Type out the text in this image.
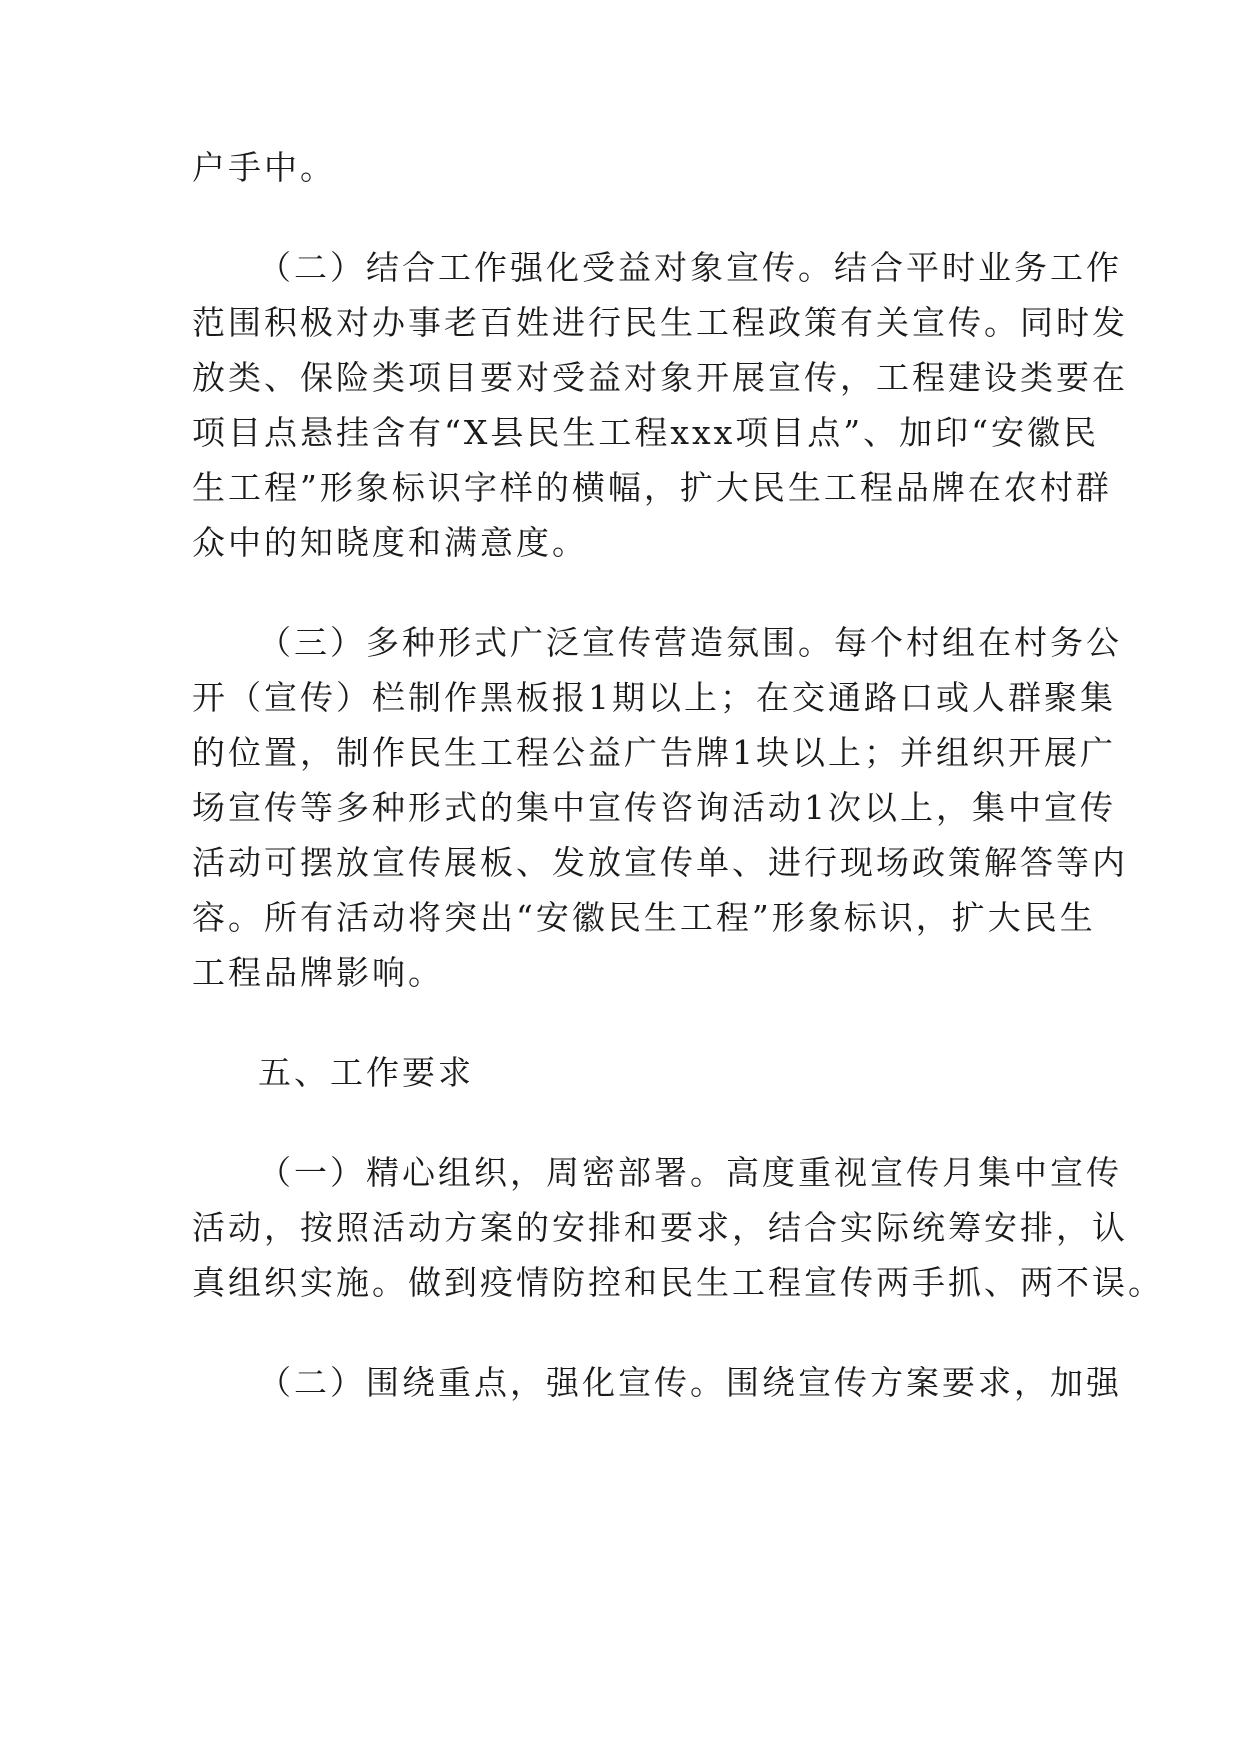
户手中。
（二）结合工作强化受益对象宣传。结合平时业务工作
范围积极对办事老百姓进行民生工程政策有关宣传。同时发
放类、保险类项目要对受益对象开展宣传，工程建设类要在
项目点悬挂含有“X县民生工程xxx项目点”、加印“安徽民
生工程”形象标识字样的横幅，扩大民生工程品牌在农村群
众中的知晓度和满意度。
（三）多种形式广泛宣传营造氛围。每个村组在村务公
开（宣传）栏制作黑板报1期以上；在交通路口或人群聚集
的位置，制作民生工程公益广告牌1块以上；并组织开展广
场宣传等多种形式的集中宣传咨询活动1次以上，集中宣传
活动可摆放宣传展板、发放宣传单、进行现场政策解答等内
容。所有活动将突出“安徽民生工程”形象标识，扩大民生
工程品牌影响。
五、工作要求
（一）精心组织，周密部署。高度重视宣传月集中宣传
活动，按照活动方案的安排和要求，结合实际统筹安排，认
真组织实施。做到疫情防控和民生工程宣传两手抓、两不误。
（二）围绕重点，强化宣传。围绕宣传方案要求，加强
